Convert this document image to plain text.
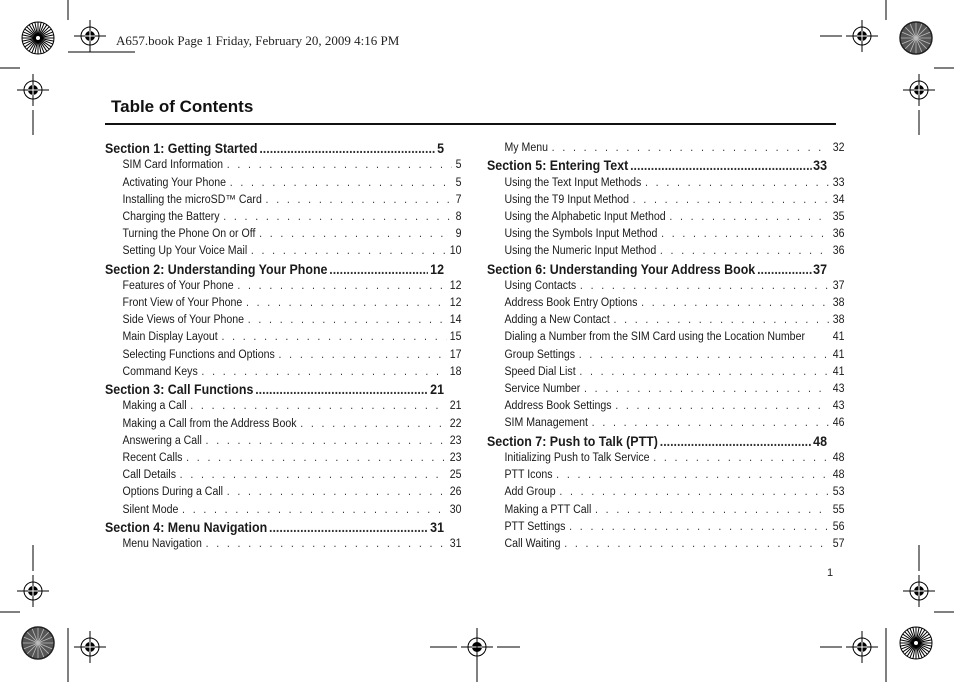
A657.book Page 1 Friday, February 20, 2009 4:16 PM
Table of Contents
Section 1: Getting Started .....	5
SIM Card Information . . .	5
Activating Your Phone . . .	5
Installing the microSD™ Card . . .	7
Charging the Battery . . .	8
Turning the Phone On or Off . . .	9
Setting Up Your Voice Mail . . .	10
Section 2: Understanding Your Phone .....	12
Features of Your Phone . . .	12
Front View of Your Phone . . .	12
Side Views of Your Phone . . .	14
Main Display Layout . . .	15
Selecting Functions and Options . . .	17
Command Keys . . .	18
Section 3: Call Functions .....	21
Making a Call . . .	21
Making a Call from the Address Book . . .	22
Answering a Call . . .	23
Recent Calls . . .	23
Call Details . . .	25
Options During a Call . . .	26
Silent Mode . . .	30
Section 4: Menu Navigation .....	31
Menu Navigation . . .	31
My Menu . . .	32
Section 5: Entering Text .....	33
Using the Text Input Methods . . .	33
Using the T9 Input Method . . .	34
Using the Alphabetic Input Method . . .	35
Using the Symbols Input Method . . .	36
Using the Numeric Input Method . . .	36
Section 6: Understanding Your Address Book .....	37
Using Contacts . . .	37
Address Book Entry Options . . .	38
Adding a New Contact . . .	38
Dialing a Number from the SIM Card using the Location Number 41
Group Settings . . .	41
Speed Dial List . . .	41
Service Number . . .	43
Address Book Settings . . .	43
SIM Management . . .	46
Section 7: Push to Talk (PTT) .....	48
Initializing Push to Talk Service . . .	48
PTT Icons . . .	48
Add Group . . .	53
Making a PTT Call . . .	55
PTT Settings . . .	56
Call Waiting . . .	57
1
